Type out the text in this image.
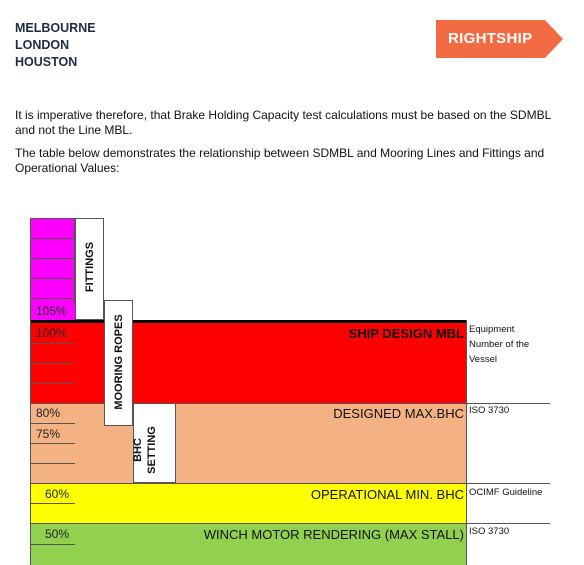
MELBOURNE
LONDON
HOUSTON
RIGHTSHIP
It is imperative therefore, that Brake Holding Capacity test calculations must be based on the SDMBL
and not the Line MBL.
The table below demonstrates the relationship between SDMBL and Mooring Lines and Fittings and
Operational Values:
105%
100%
80%
75%
60%
50%
FITTINGS
MOORING ROPES
BHC SETTING
SHIP DESIGN MBL
DESIGNED MAX.BHC
OPERATIONAL MIN. BHC
WINCH MOTOR RENDERING (MAX STALL)
Equipment
Number of the
Vessel
ISO 3730
OCIMF Guideline
ISO 3730
